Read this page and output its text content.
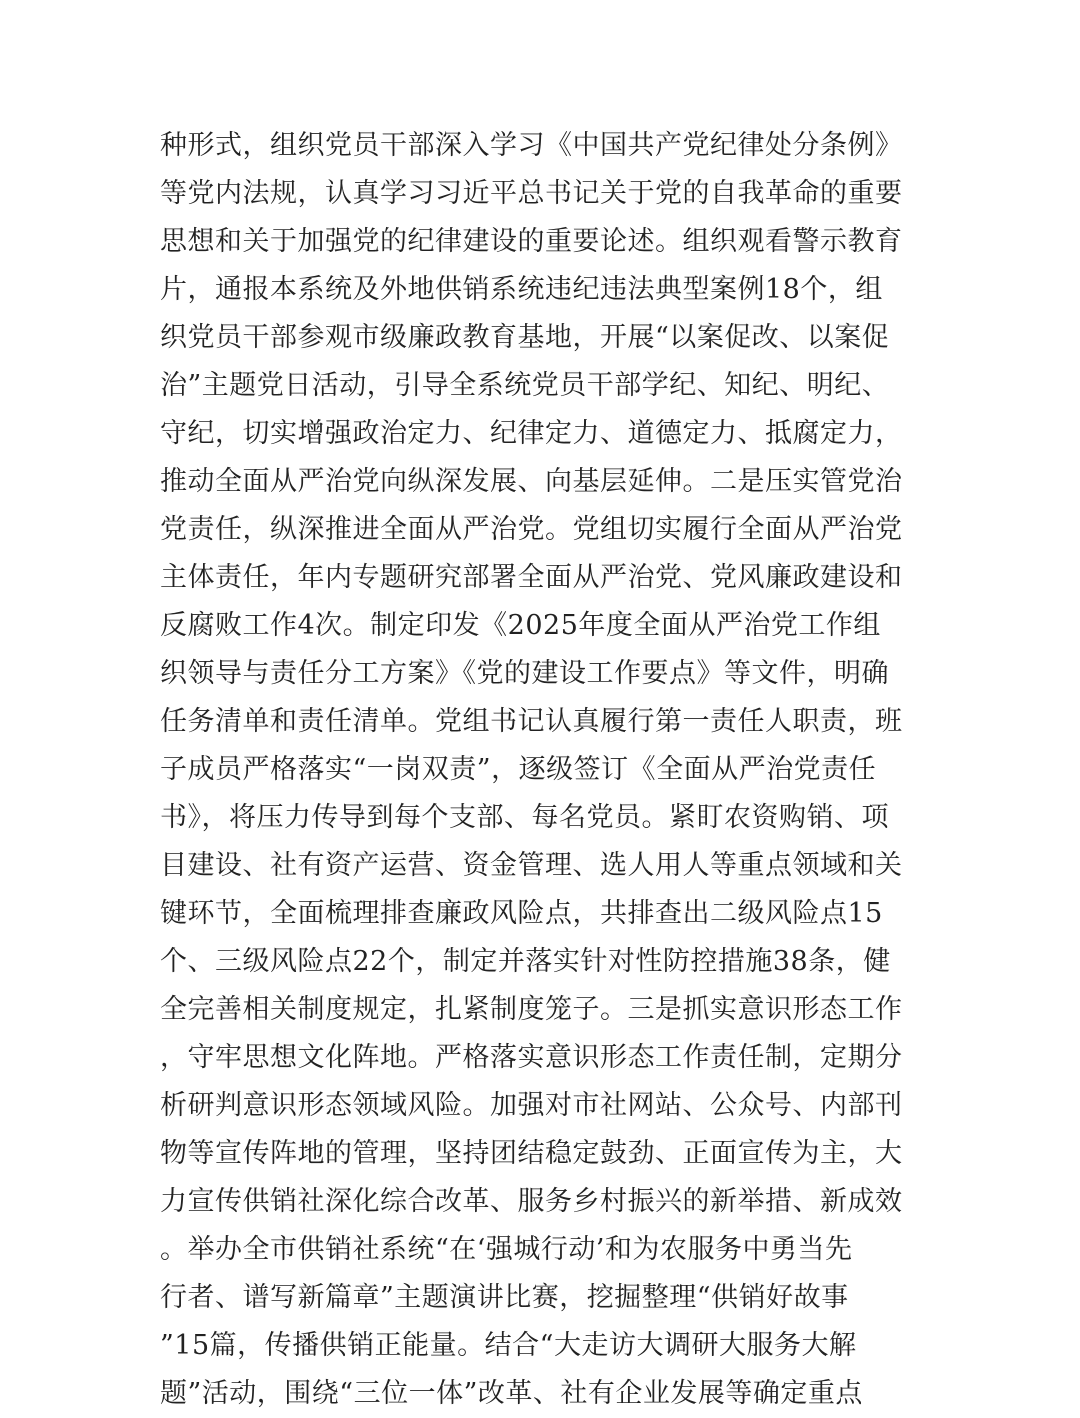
种形式，组织党员干部深入学习《中国共产党纪律处分条例》
等党内法规，认真学习习近平总书记关于党的自我革命的重要
思想和关于加强党的纪律建设的重要论述。组织观看警示教育
片，通报本系统及外地供销系统违纪违法典型案例18个，组
织党员干部参观市级廉政教育基地，开展“以案促改、以案促
治”主题党日活动，引导全系统党员干部学纪、知纪、明纪、
守纪，切实增强政治定力、纪律定力、道德定力、抵腐定力，
推动全面从严治党向纵深发展、向基层延伸。二是压实管党治
党责任，纵深推进全面从严治党。党组切实履行全面从严治党
主体责任，年内专题研究部署全面从严治党、党风廉政建设和
反腐败工作4次。制定印发《2025年度全面从严治党工作组
织领导与责任分工方案》《党的建设工作要点》等文件，明确
任务清单和责任清单。党组书记认真履行第一责任人职责，班
子成员严格落实“一岗双责”，逐级签订《全面从严治党责任
书》，将压力传导到每个支部、每名党员。紧盯农资购销、项
目建设、社有资产运营、资金管理、选人用人等重点领域和关
键环节，全面梳理排查廉政风险点，共排查出二级风险点15
个、三级风险点22个，制定并落实针对性防控措施38条，健
全完善相关制度规定，扎紧制度笼子。三是抓实意识形态工作
，守牢思想文化阵地。严格落实意识形态工作责任制，定期分
析研判意识形态领域风险。加强对市社网站、公众号、内部刊
物等宣传阵地的管理，坚持团结稳定鼓劲、正面宣传为主，大
力宣传供销社深化综合改革、服务乡村振兴的新举措、新成效
。举办全市供销社系统“在‘强城行动’和为农服务中勇当先
行者、谱写新篇章”主题演讲比赛，挖掘整理“供销好故事
”15篇，传播供销正能量。结合“大走访大调研大服务大解
题”活动，围绕“三位一体”改革、社有企业发展等确定重点
